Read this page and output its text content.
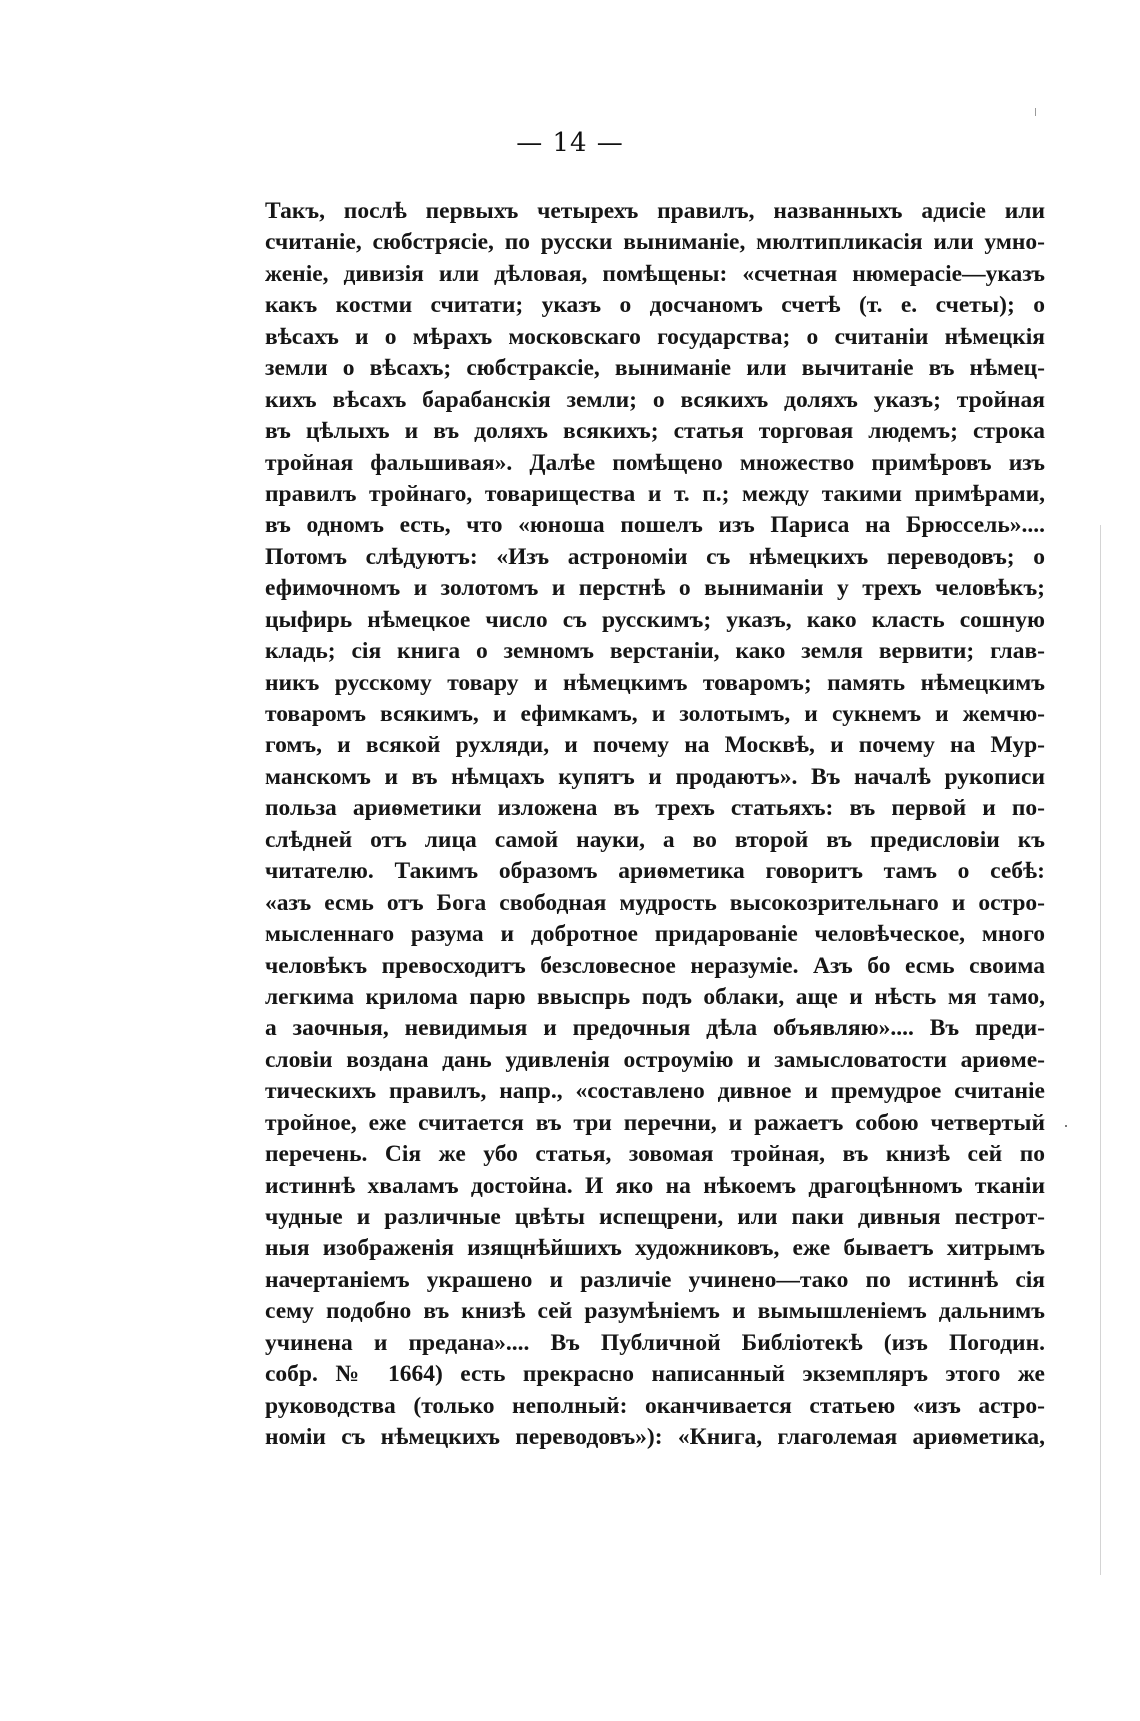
— 14 —
Такъ, послѣ первыхъ четырехъ правилъ, названныхъ адисіе или
считаніе, сюбстрясіе, по русски выниманіе, мюлтипликасія или умно-
женіе, дивизія или дѣловая, помѣщены: «счетная нюмерасіе—указъ
какъ костми считати; указъ о досчаномъ счетѣ (т. е. счеты); о
вѣсахъ и о мѣрахъ московскаго государства; о считаніи нѣмецкія
земли о вѣсахъ; сюбстраксіе, выниманіе или вычитаніе въ нѣмец-
кихъ вѣсахъ барабанскія земли; о всякихъ доляхъ указъ; тройная
въ цѣлыхъ и въ доляхъ всякихъ; статья торговая людемъ; строка
тройная фальшивая». Далѣе помѣщено множество примѣровъ изъ
правилъ тройнаго, товарищества и т. п.; между такими примѣрами,
въ одномъ есть, что «юноша пошелъ изъ Париса на Брюссель»....
Потомъ слѣдуютъ: «Изъ астрономіи съ нѣмецкихъ переводовъ; о
ефимочномъ и золотомъ и перстнѣ о выниманіи у трехъ человѣкъ;
цыфирь нѣмецкое число съ русскимъ; указъ, како класть сошную
кладь; сія книга о земномъ верстаніи, како земля вервити; глав-
никъ русскому товару и нѣмецкимъ товаромъ; память нѣмецкимъ
товаромъ всякимъ, и ефимкамъ, и золотымъ, и сукнемъ и жемчю-
гомъ, и всякой рухляди, и почему на Москвѣ, и почему на Мур-
манскомъ и въ нѣмцахъ купятъ и продаютъ». Въ началѣ рукописи
польза ариѳметики изложена въ трехъ статьяхъ: въ первой и по-
слѣдней отъ лица самой науки, а во второй въ предисловіи къ
читателю. Такимъ образомъ ариѳметика говоритъ тамъ о себѣ:
«азъ есмь отъ Бога свободная мудрость высокозрительнаго и остро-
мысленнаго разума и добротное придарованіе человѣческое, много
человѣкъ превосходитъ безсловесное неразуміе. Азъ бо есмь своима
легкима крилома парю ввыспрь подъ облаки, аще и нѣсть мя тамо,
а заочныя, невидимыя и предочныя дѣла объявляю».... Въ преди-
словіи воздана дань удивленія остроумію и замысловатости ариѳме-
тическихъ правилъ, напр., «составлено дивное и премудрое считаніе
тройное, еже считается въ три перечни, и ражаетъ собою четвертый
перечень. Сія же убо статья, зовомая тройная, въ книзѣ сей по
истиннѣ хваламъ достойна. И яко на нѣкоемъ драгоцѣнномъ тканіи
чудные и различные цвѣты испещрени, или паки дивныя пестрот-
ныя изображенія изящнѣйшихъ художниковъ, еже бываетъ хитрымъ
начертаніемъ украшено и различіе учинено—тако по истиннѣ сія
сему подобно въ книзѣ сей разумѣніемъ и вымышленіемъ дальнимъ
учинена и предана».... Въ Публичной Библіотекѣ (изъ Погодин.
собр. № 1664) есть прекрасно написанный экземпляръ этого же
руководства (только неполный: оканчивается статьею «изъ астро-
номіи съ нѣмецкихъ переводовъ»): «Книга, глаголемая ариѳметика,
